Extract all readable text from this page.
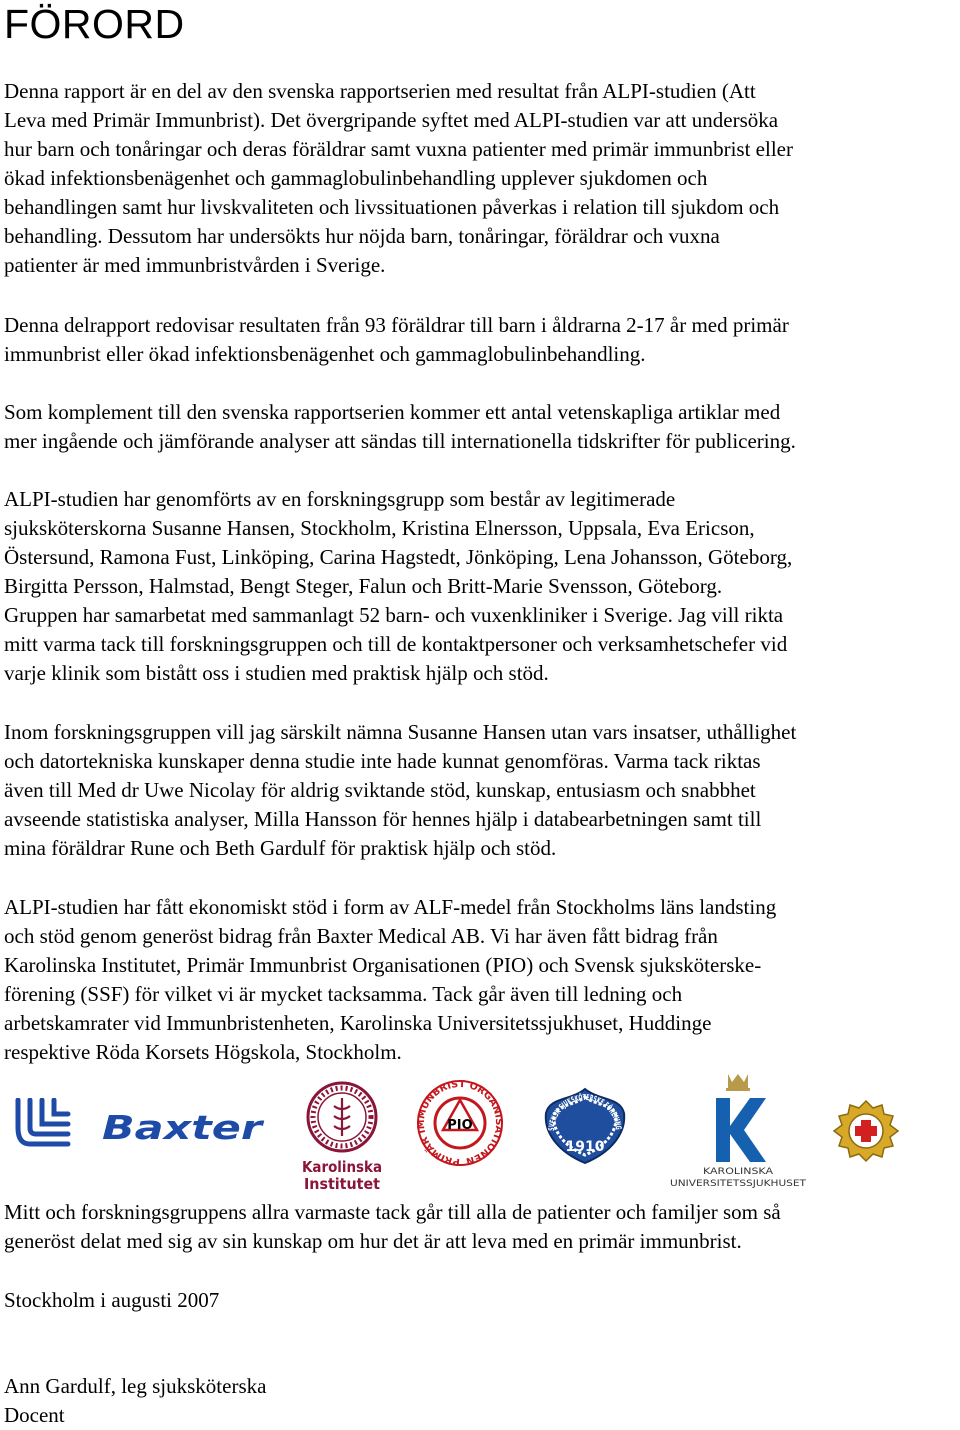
FÖRORD

Denna rapport är en del av den svenska rapportserien med resultat från ALPI-studien (Att
Leva med Primär Immunbrist). Det övergripande syftet med ALPI-studien var att undersöka
hur barn och tonåringar och deras föräldrar samt vuxna patienter med primär immunbrist eller
ökad infektionsbenägenhet och gammaglobulinbehandling upplever sjukdomen och
behandlingen samt hur livskvaliteten och livssituationen påverkas i relation till sjukdom och
behandling. Dessutom har undersökts hur nöjda barn, tonåringar, föräldrar och vuxna
patienter är med immunbristvården i Sverige.

Denna delrapport redovisar resultaten från 93 föräldrar till barn i åldrarna 2-17 år med primär
immunbrist eller ökad infektionsbenägenhet och gammaglobulinbehandling.

Som komplement till den svenska rapportserien kommer ett antal vetenskapliga artiklar med
mer ingående och jämförande analyser att sändas till internationella tidskrifter för publicering.

ALPI-studien har genomförts av en forskningsgrupp som består av legitimerade
sjuksköterskorna Susanne Hansen, Stockholm, Kristina Elnersson, Uppsala, Eva Ericson,
Östersund, Ramona Fust, Linköping, Carina Hagstedt, Jönköping, Lena Johansson, Göteborg,
Birgitta Persson, Halmstad, Bengt Steger, Falun och Britt-Marie Svensson, Göteborg.
Gruppen har samarbetat med sammanlagt 52 barn- och vuxenkliniker i Sverige. Jag vill rikta
mitt varma tack till forskningsgruppen och till de kontaktpersoner och verksamhetschefer vid
varje klinik som bistått oss i studien med praktisk hjälp och stöd.

Inom forskningsgruppen vill jag särskilt nämna Susanne Hansen utan vars insatser, uthållighet
och datortekniska kunskaper denna studie inte hade kunnat genomföras. Varma tack riktas
även till Med dr Uwe Nicolay för aldrig sviktande stöd, kunskap, entusiasm och snabbhet
avseende statistiska analyser, Milla Hansson för hennes hjälp i databearbetningen samt till
mina föräldrar Rune och Beth Gardulf för praktisk hjälp och stöd.

ALPI-studien har fått ekonomiskt stöd i form av ALF-medel från Stockholms läns landsting
och stöd genom generöst bidrag från Baxter Medical AB. Vi har även fått bidrag från
Karolinska Institutet, Primär Immunbrist Organisationen (PIO) och Svensk sjuksköterske-
förening (SSF) för vilket vi är mycket tacksamma. Tack går även till ledning och
arbetskamrater vid Immunbristenheten, Karolinska Universitetssjukhuset, Huddinge
respektive Röda Korsets Högskola, Stockholm.

Baxter
Karolinska
Institutet
PRIMÄR IMMUNBRIST ORGANISATIONEN
PIO	SVENSK SJUKSKÖTERSKE FÖRENING
1910
KAROLINSKA
UNIVERSITETSSJUKHUSET

Mitt och forskningsgruppens allra varmaste tack går till alla de patienter och familjer som så
generöst delat med sig av sin kunskap om hur det är att leva med en primär immunbrist.

Stockholm i augusti 2007

Ann Gardulf, leg sjuksköterska
Docent
